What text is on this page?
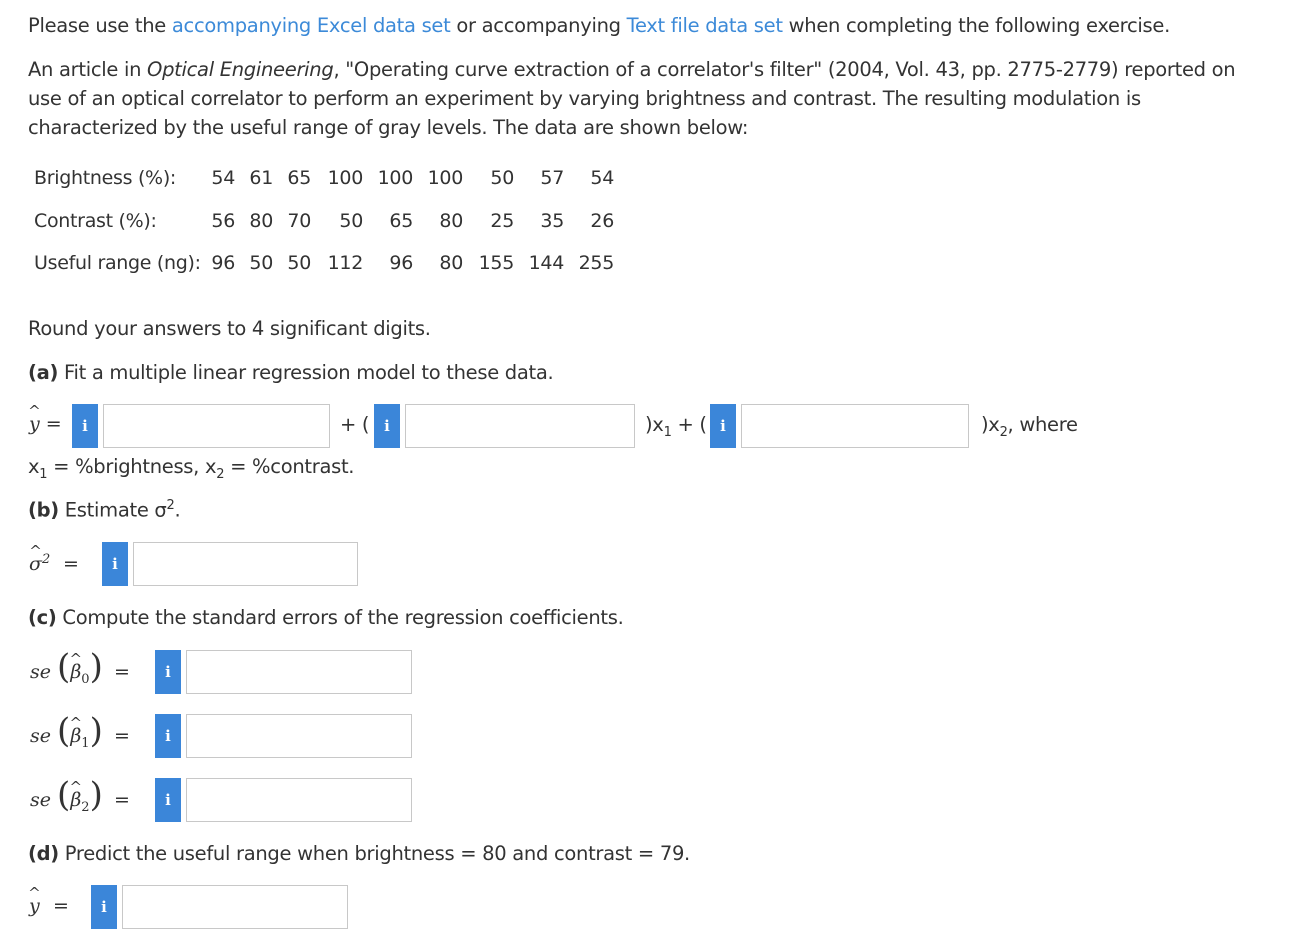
Please use the accompanying Excel data set or accompanying Text file data set when completing the following exercise.
An article in Optical Engineering, "Operating curve extraction of a correlator's filter" (2004, Vol. 43, pp. 2775-2779) reported on use of an optical correlator to perform an experiment by varying brightness and contrast. The resulting modulation is characterized by the useful range of gray levels. The data are shown below:
Brightness (%):	54	61	65	100	100	100	50	57	54
Contrast (%):	56	80	70	50	65	80	25	35	26
Useful range (ng):	96	50	50	112	96	80	155	144	255
Round your answers to 4 significant digits.
(a) Fit a multiple linear regression model to these data.
^ y = i	+ ( i	)$x_1$ + ( i	)$x_2$, where
$x_1$ = %brightness, $x_2$ = %contrast.
(b) Estimate $\sigma^2$.
^ $\sigma^2 = i$
(c) Compute the standard errors of the regression coefficients.
se (^ $\beta_0) = i$
se (^ $\beta_1) = i$
se (^ $\beta_2) = i$
(d) Predict the useful range when brightness = 80 and contrast = 79.
^ y = i
